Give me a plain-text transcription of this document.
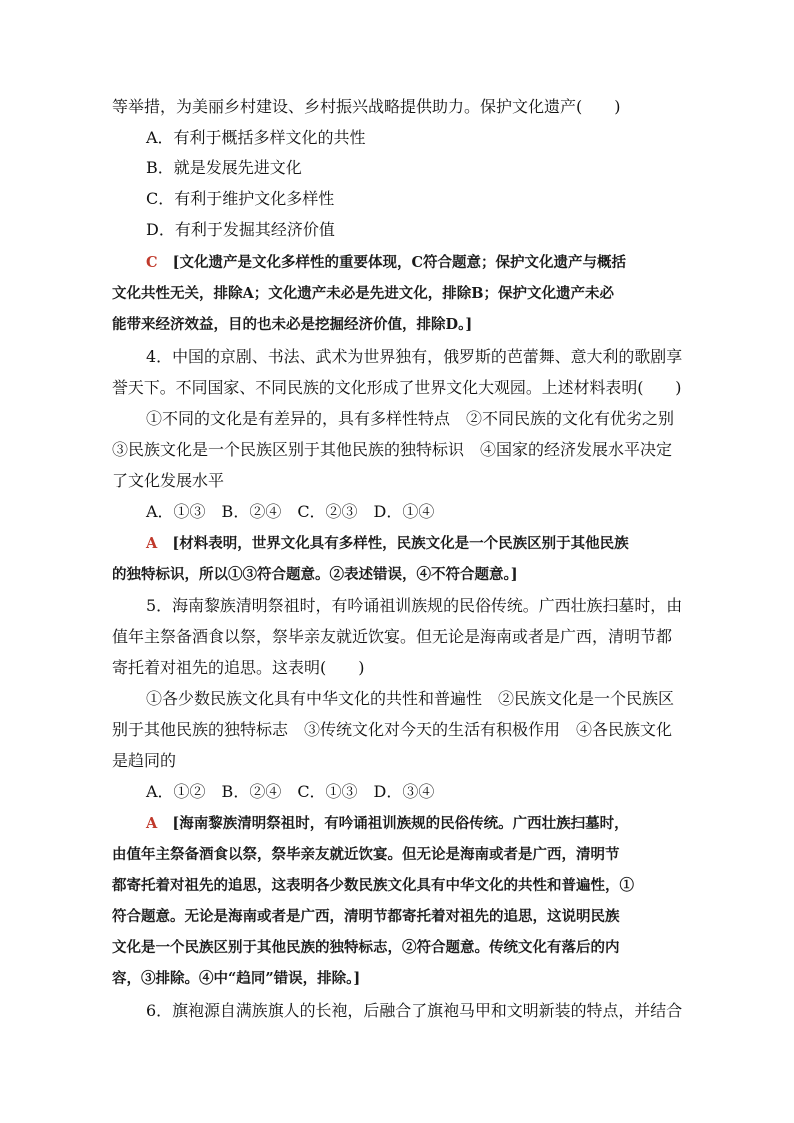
等举措，为美丽乡村建设、乡村振兴战略提供助力。保护文化遗产(　　)
A．有利于概括多样文化的共性
B．就是发展先进文化
C．有利于维护文化多样性
D．有利于发掘其经济价值
C [文化遗产是文化多样性的重要体现，C符合题意；保护文化遗产与概括
文化共性无关，排除A；文化遗产未必是先进文化，排除B；保护文化遗产未必
能带来经济效益，目的也未必是挖掘经济价值，排除D。]
4．中国的京剧、书法、武术为世界独有，俄罗斯的芭蕾舞、意大利的歌剧享
誉天下。不同国家、不同民族的文化形成了世界文化大观园。上述材料表明(　　)
①不同的文化是有差异的，具有多样性特点　②不同民族的文化有优劣之别
③民族文化是一个民族区别于其他民族的独特标识　④国家的经济发展水平决定
了文化发展水平
A．①③　B．②④　C．②③　D．①④
A [材料表明，世界文化具有多样性，民族文化是一个民族区别于其他民族
的独特标识，所以①③符合题意。②表述错误，④不符合题意。]
5．海南黎族清明祭祖时，有吟诵祖训族规的民俗传统。广西壮族扫墓时，由
值年主祭备酒食以祭，祭毕亲友就近饮宴。但无论是海南或者是广西，清明节都
寄托着对祖先的追思。这表明(　　)
①各少数民族文化具有中华文化的共性和普遍性　②民族文化是一个民族区
别于其他民族的独特标志　③传统文化对今天的生活有积极作用　④各民族文化
是趋同的
A．①②　B．②④　C．①③　D．③④
A [海南黎族清明祭祖时，有吟诵祖训族规的民俗传统。广西壮族扫墓时，
由值年主祭备酒食以祭，祭毕亲友就近饮宴。但无论是海南或者是广西，清明节
都寄托着对祖先的追思，这表明各少数民族文化具有中华文化的共性和普遍性，①
符合题意。无论是海南或者是广西，清明节都寄托着对祖先的追思，这说明民族
文化是一个民族区别于其他民族的独特标志，②符合题意。传统文化有落后的内
容，③排除。④中“趋同”错误，排除。]
6．旗袍源自满族旗人的长袍，后融合了旗袍马甲和文明新装的特点，并结合
